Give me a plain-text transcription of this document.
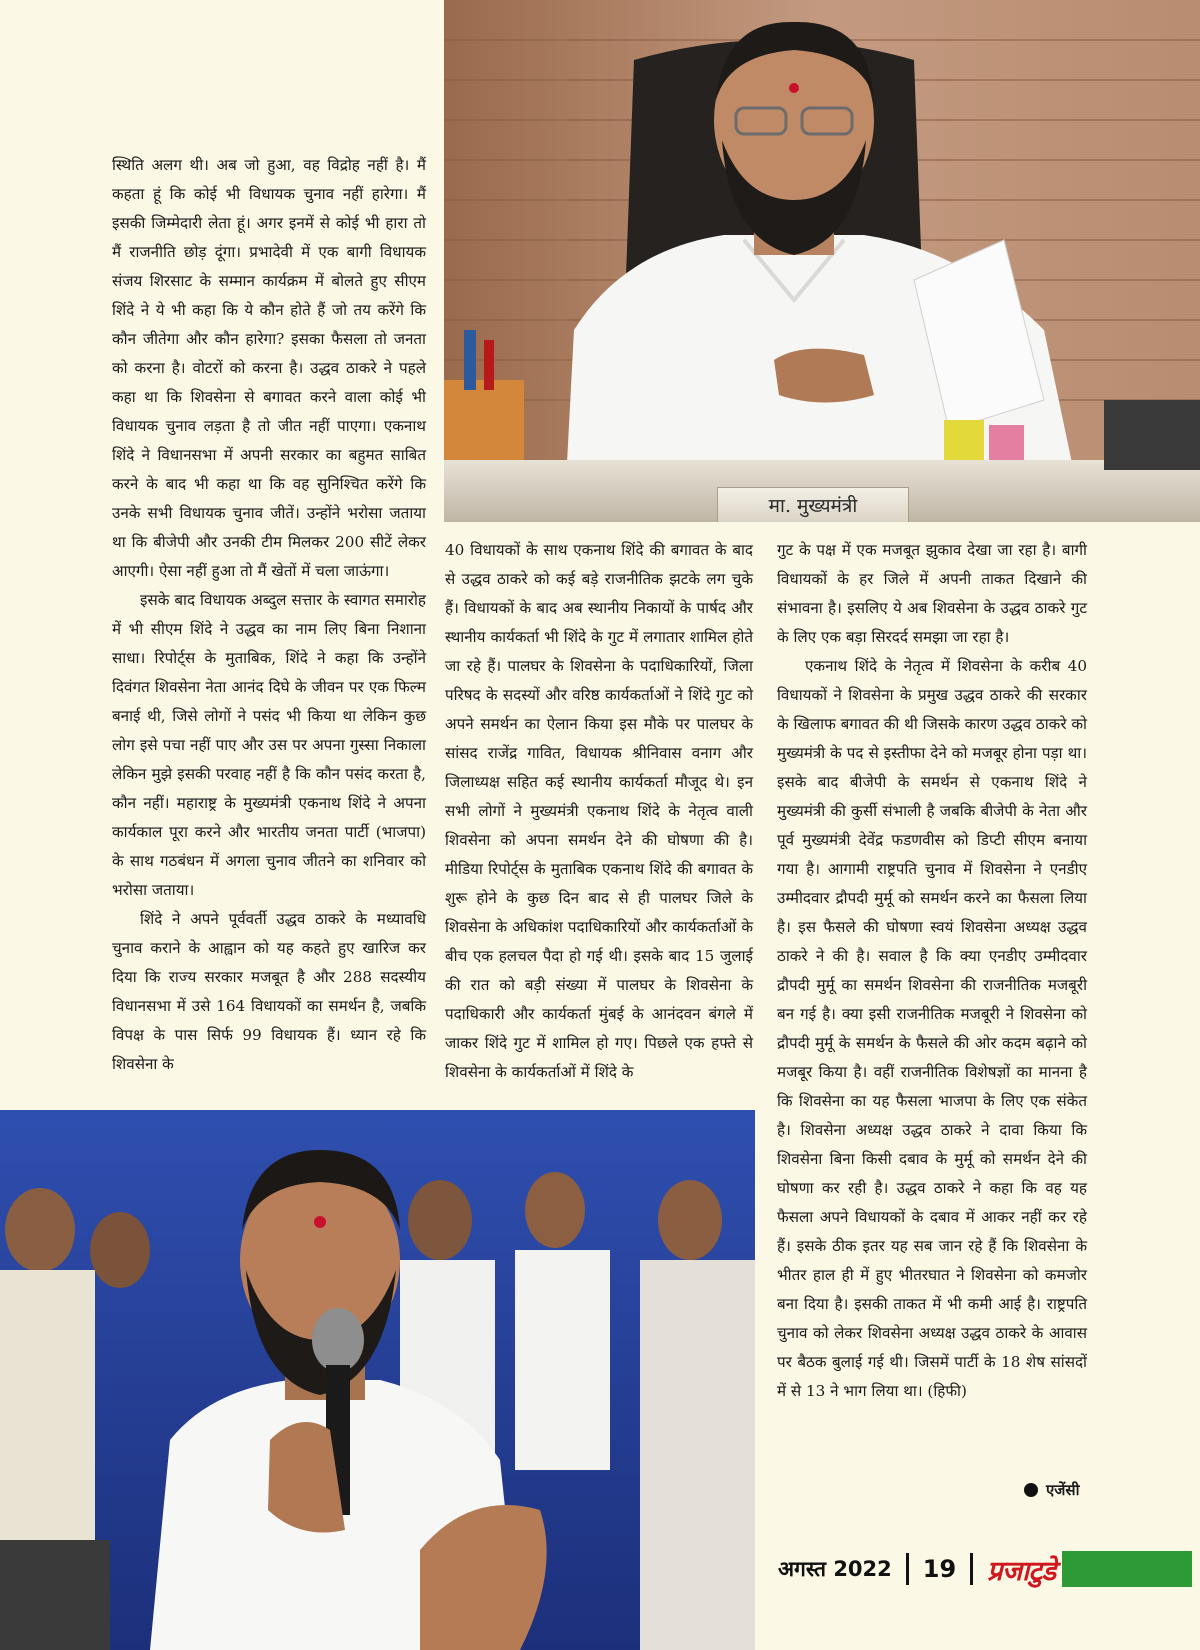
स्थिति अलग थी। अब जो हुआ, वह विद्रोह नहीं है। मैं कहता हूं कि कोई भी विधायक चुनाव नहीं हारेगा। मैं इसकी जिम्मेदारी लेता हूं। अगर इनमें से कोई भी हारा तो मैं राजनीति छोड़ दूंगा। प्रभादेवी में एक बागी विधायक संजय शिरसाट के सम्मान कार्यक्रम में बोलते हुए सीएम शिंदे ने ये भी कहा कि ये कौन होते हैं जो तय करेंगे कि कौन जीतेगा और कौन हारेगा? इसका फैसला तो जनता को करना है। वोटरों को करना है। उद्धव ठाकरे ने पहले कहा था कि शिवसेना से बगावत करने वाला कोई भी विधायक चुनाव लड़ता है तो जीत नहीं पाएगा। एकनाथ शिंदे ने विधानसभा में अपनी सरकार का बहुमत साबित करने के बाद भी कहा था कि वह सुनिश्चित करेंगे कि उनके सभी विधायक चुनाव जीतें। उन्होंने भरोसा जताया था कि बीजेपी और उनकी टीम मिलकर 200 सीटें लेकर आएगी। ऐसा नहीं हुआ तो मैं खेतों में चला जाऊंगा।

इसके बाद विधायक अब्दुल सत्तार के स्वागत समारोह में भी सीएम शिंदे ने उद्धव का नाम लिए बिना निशाना साधा। रिपोर्ट्स के मुताबिक, शिंदे ने कहा कि उन्होंने दिवंगत शिवसेना नेता आनंद दिघे के जीवन पर एक फिल्म बनाई थी, जिसे लोगों ने पसंद भी किया था लेकिन कुछ लोग इसे पचा नहीं पाए और उस पर अपना गुस्सा निकाला लेकिन मुझे इसकी परवाह नहीं है कि कौन पसंद करता है, कौन नहीं। महाराष्ट्र के मुख्यमंत्री एकनाथ शिंदे ने अपना कार्यकाल पूरा करने और भारतीय जनता पार्टी (भाजपा) के साथ गठबंधन में अगला चुनाव जीतने का शनिवार को भरोसा जताया।

शिंदे ने अपने पूर्ववर्ती उद्धव ठाकरे के मध्यावधि चुनाव कराने के आह्वान को यह कहते हुए खारिज कर दिया कि राज्य सरकार मजबूत है और 288 सदस्यीय विधानसभा में उसे 164 विधायकों का समर्थन है, जबकि विपक्ष के पास सिर्फ 99 विधायक हैं। ध्यान रहे कि शिवसेना के

40 विधायकों के साथ एकनाथ शिंदे की बगावत के बाद से उद्धव ठाकरे को कई बड़े राजनीतिक झटके लग चुके हैं। विधायकों के बाद अब स्थानीय निकायों के पार्षद और स्थानीय कार्यकर्ता भी शिंदे के गुट में लगातार शामिल होते जा रहे हैं। पालघर के शिवसेना के पदाधिकारियों, जिला परिषद के सदस्यों और वरिष्ठ कार्यकर्ताओं ने शिंदे गुट को अपने समर्थन का ऐलान किया इस मौके पर पालघर के सांसद राजेंद्र गावित, विधायक श्रीनिवास वनाग और जिलाध्यक्ष सहित कई स्थानीय कार्यकर्ता मौजूद थे। इन सभी लोगों ने मुख्यमंत्री एकनाथ शिंदे के नेतृत्व वाली शिवसेना को अपना समर्थन देने की घोषणा की है। मीडिया रिपोर्ट्स के मुताबिक एकनाथ शिंदे की बगावत के शुरू होने के कुछ दिन बाद से ही पालघर जिले के शिवसेना के अधिकांश पदाधिकारियों और कार्यकर्ताओं के बीच एक हलचल पैदा हो गई थी। इसके बाद 15 जुलाई की रात को बड़ी संख्या में पालघर के शिवसेना के पदाधिकारी और कार्यकर्ता मुंबई के आनंदवन बंगले में जाकर शिंदे गुट में शामिल हो गए। पिछले एक हफ्ते से शिवसेना के कार्यकर्ताओं में शिंदे के

गुट के पक्ष में एक मजबूत झुकाव देखा जा रहा है। बागी विधायकों के हर जिले में अपनी ताकत दिखाने की संभावना है। इसलिए ये अब शिवसेना के उद्धव ठाकरे गुट के लिए एक बड़ा सिरदर्द समझा जा रहा है।

एकनाथ शिंदे के नेतृत्व में शिवसेना के करीब 40 विधायकों ने शिवसेना के प्रमुख उद्धव ठाकरे की सरकार के खिलाफ बगावत की थी जिसके कारण उद्धव ठाकरे को मुख्यमंत्री के पद से इस्तीफा देने को मजबूर होना पड़ा था। इसके बाद बीजेपी के समर्थन से एकनाथ शिंदे ने मुख्यमंत्री की कुर्सी संभाली है जबकि बीजेपी के नेता और पूर्व मुख्यमंत्री देवेंद्र फडणवीस को डिप्टी सीएम बनाया गया है। आगामी राष्ट्रपति चुनाव में शिवसेना ने एनडीए उम्मीदवार द्रौपदी मुर्मू को समर्थन करने का फैसला लिया है। इस फैसले की घोषणा स्वयं शिवसेना अध्यक्ष उद्धव ठाकरे ने की है। सवाल है कि क्या एनडीए उम्मीदवार द्रौपदी मुर्मू का समर्थन शिवसेना की राजनीतिक मजबूरी बन गई है। क्या इसी राजनीतिक मजबूरी ने शिवसेना को द्रौपदी मुर्मू के समर्थन के फैसले की ओर कदम बढ़ाने को मजबूर किया है। वहीं राजनीतिक विशेषज्ञों का मानना है कि शिवसेना का यह फैसला भाजपा के लिए एक संकेत है। शिवसेना अध्यक्ष उद्धव ठाकरे ने दावा किया कि शिवसेना बिना किसी दबाव के मुर्मू को समर्थन देने की घोषणा कर रही है। उद्धव ठाकरे ने कहा कि वह यह फैसला अपने विधायकों के दबाव में आकर नहीं कर रहे हैं। इसके ठीक इतर यह सब जान रहे हैं कि शिवसेना के भीतर हाल ही में हुए भीतरघात ने शिवसेना को कमजोर बना दिया है। इसकी ताकत में भी कमी आई है। राष्ट्रपति चुनाव को लेकर शिवसेना अध्यक्ष उद्धव ठाकरे के आवास पर बैठक बुलाई गई थी। जिसमें पार्टी के 18 शेष सांसदों में से 13 ने भाग लिया था। (हिफी)

मा. मुख्यमंत्री
एजेंसी
अगस्त 2022 19 प्रजाटुडे
